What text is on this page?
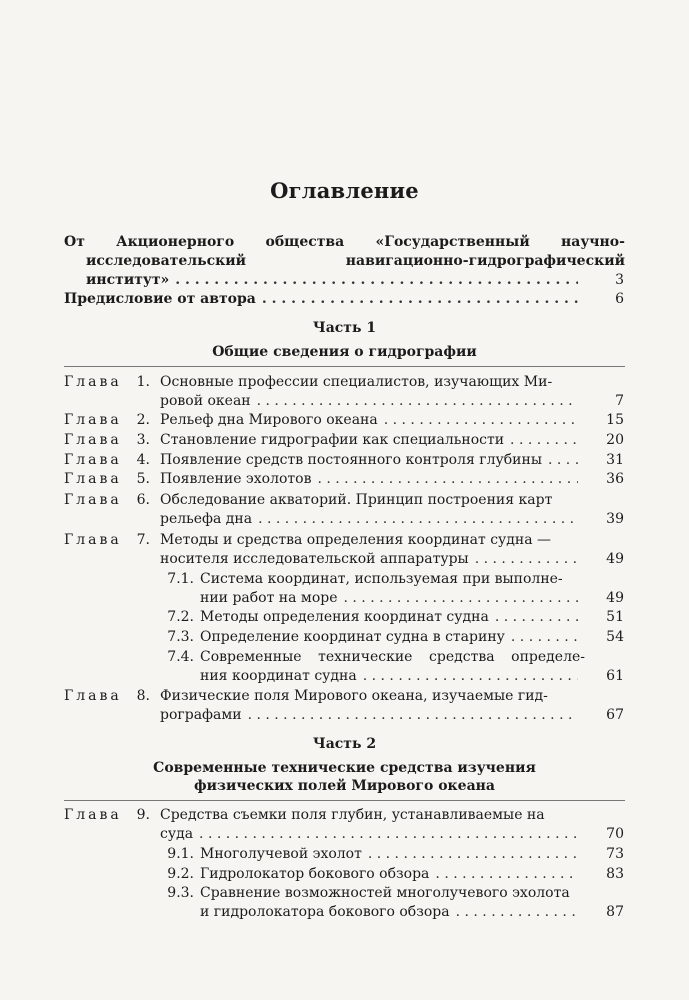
Оглавление
От Акционерного общества «Государственный научно-
исследовательский	навигационно-гидрографический
институт» . . .	3
Предисловие от автора . . .	6
Часть 1
Общие сведения о гидрографии
Глава	1. Основные профессии специалистов, изучающих Ми-
ровой океан . . .	7
Глава	2. Рельеф дна Мирового океана . . .	15
Глава	3. Становление гидрографии как специальности . . .	20
Глава	4. Появление средств постоянного контроля глубины . . .	31
Глава	5. Появление эхолотов . . .	36
Глава	6. Обследование акваторий. Принцип построения карт
рельефа дна . . .	39
Глава	7. Методы и средства определения координат судна —
носителя исследовательской аппаратуры . . .	49
7.1. Система координат, используемая при выполне-
нии работ на море . . .	49
7.2. Методы определения координат судна . . .	51
7.3. Определение координат судна в старину . . .	54
7.4. Современные технические средства определе-
ния координат судна . . .	61
Глава	8. Физические поля Мирового океана, изучаемые гид-
рографами . . .	67
Часть 2
Современные технические средства изучения
физических полей Мирового океана
Глава	9. Средства съемки поля глубин, устанавливаемые на
суда . . .	70
9.1. Многолучевой эхолот . . .	73
9.2. Гидролокатор бокового обзора . . .	83
9.3. Сравнение возможностей многолучевого эхолота
и гидролокатора бокового обзора . . .	87
